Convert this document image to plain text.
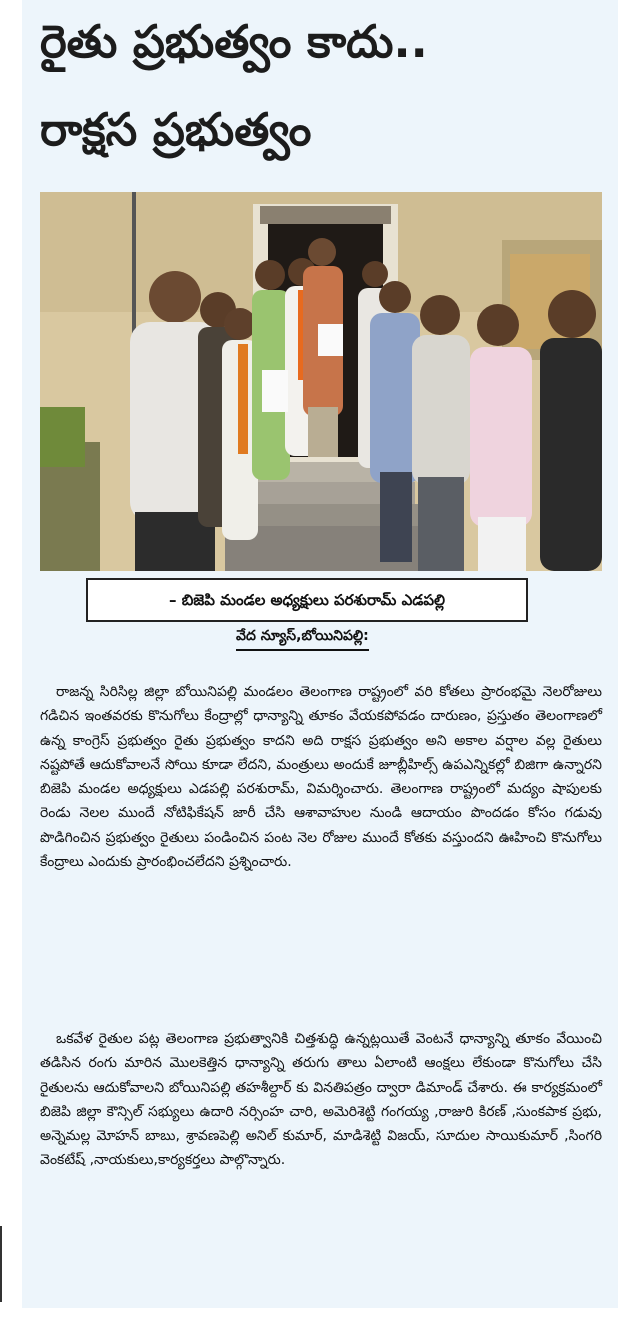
రైతు ప్రభుత్వం కాదు..
రాక్షస ప్రభుత్వం
– బిజెపి మండల అధ్యక్షులు పరశురామ్ ఎడపల్లి
వేద న్యూస్,బోయినిపల్లి:
రాజన్న సిరిసిల్ల జిల్లా బోయినిపల్లి మండలం తెలంగాణ రాష్ట్రంలో వరి కోతలు ప్రారంభమై నెలరోజులు గడిచిన ఇంతవరకు కొనుగోలు కేంద్రాల్లో ధాన్యాన్ని తూకం వేయకపోవడం దారుణం, ప్రస్తుతం తెలంగాణలో ఉన్న కాంగ్రెస్ ప్రభుత్వం రైతు ప్రభుత్వం కాదని అది రాక్షస ప్రభుత్వం అని అకాల వర్షాల వల్ల రైతులు నష్టపోతే ఆదుకోవాలనే సోయి కూడా లేదని, మంత్రులు అందుకే జూబ్లీహిల్స్ ఉపఎన్నికల్లో బిజిగా ఉన్నారని బిజెపి మండల అధ్యక్షులు ఎడపల్లి పరశురామ్, విమర్శించారు. తెలంగాణ రాష్ట్రంలో మద్యం షాపులకు రెండు నెలల ముందే నోటిఫికేషన్ జారీ చేసి ఆశావాహుల నుండి ఆదాయం పొందడం కోసం గడువు పొడిగించిన ప్రభుత్వం రైతులు పండించిన పంట నెల రోజుల ముందే కోతకు వస్తుందని ఊహించి కొనుగోలు కేంద్రాలు ఎందుకు ప్రారంభించలేదని ప్రశ్నించారు.
ఒకవేళ రైతుల పట్ల తెలంగాణ ప్రభుత్వానికి చిత్తశుద్ధి ఉన్నట్లయితే వెంటనే ధాన్యాన్ని తూకం వేయించి తడిసిన రంగు మారిన మొలకెత్తిన ధాన్యాన్ని తరుగు తాలు ఏలాంటి ఆంక్షలు లేకుండా కొనుగోలు చేసి రైతులను ఆదుకోవాలని బోయినిపల్లి తహశీల్దార్ కు వినతిపత్రం ద్వారా డిమాండ్ చేశారు. ఈ కార్యక్రమంలో బిజెపి జిల్లా కౌన్సిల్ సభ్యులు ఉదారి నర్సింహ చారి, అమెరిశెట్టి గంగయ్య ,రాజురి కిరణ్ ,సుంకపాక ప్రభు, అన్నెమల్ల మోహన్ బాబు, శ్రావణపెల్లి అనిల్ కుమార్, మాడిశెట్టి విజయ్, సూదుల సాయికుమార్ ,సింగరి వెంకటేష్ ,నాయకులు,కార్యకర్తలు పాల్గొన్నారు.
